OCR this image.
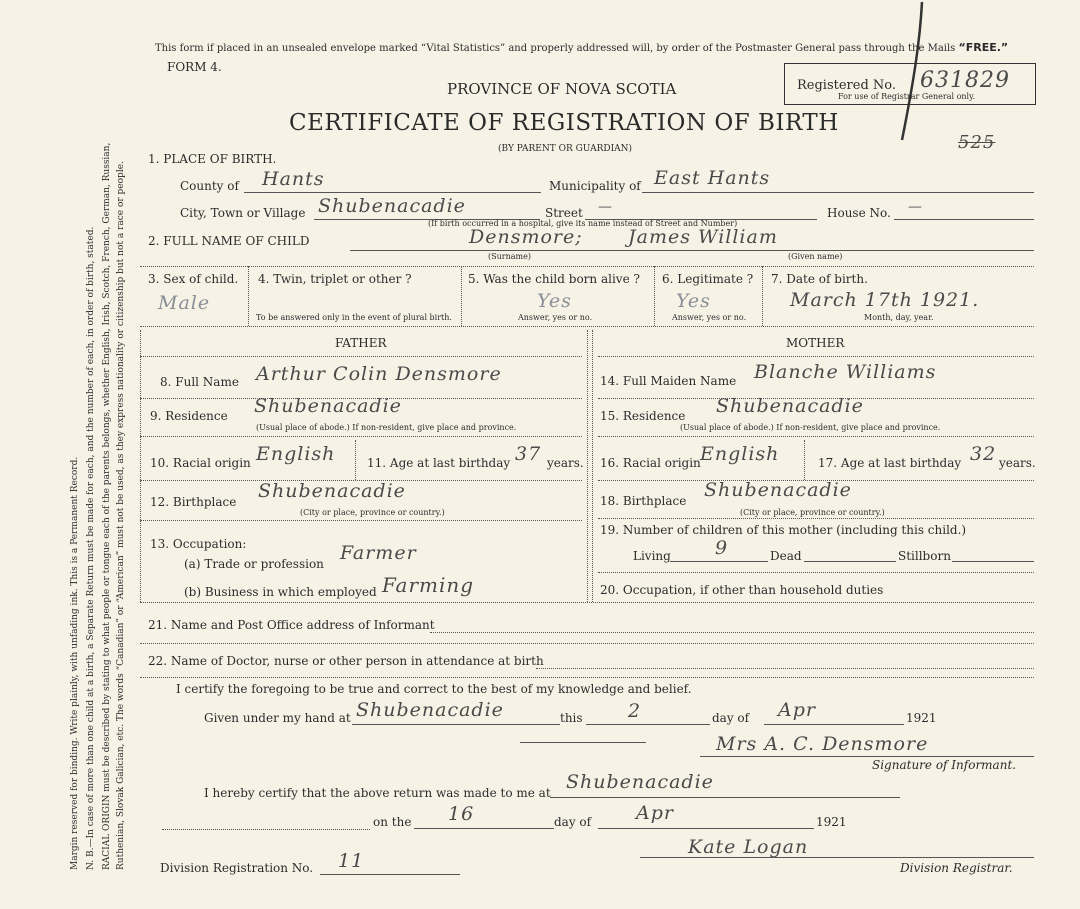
Margin reserved for binding. Write plainly, with unfading ink. This is a Permanent Record. N. B.—In case of more than one child at a birth, a Separate Return must be made for each, and the number of each, in order of birth, stated. RACIAL ORIGIN must be described by stating to what people or tongue each of the parents belongs, whether English, Irish, Scotch, French, German, Russian, Ruthenian, Slovak Galician, etc. The words “Canadian” or “American” must not be used, as they express nationality or citizenship but not a race or people.
This form if placed in an unsealed envelope marked “Vital Statistics” and properly addressed will, by order of the Postmaster General pass through the Mails “FREE.”
FORM 4.
PROVINCE OF NOVA SCOTIA
CERTIFICATE OF REGISTRATION OF BIRTH
(BY PARENT OR GUARDIAN)
Registered No. 631829
For use of Registrar General only.
525
1. PLACE OF BIRTH.
County of Hants	Municipality of East Hants
City, Town or Village Shubenacadie	Street —	House No. —
(If birth occurred in a hospital, give its name instead of Street and Number)
2. FULL NAME OF CHILD	Densmore; James William
(Surname)	(Given name)
3. Sex of child.
Male
4. Twin, triplet or other ?
To be answered only in the event of plural birth.
5. Was the child born alive ?
Yes
Answer, yes or no.
6. Legitimate ?
Yes
Answer, yes or no.
7. Date of birth.
March 17th 1921.
Month, day, year.
FATHER	MOTHER
8. Full Name Arthur Colin Densmore
9. Residence Shubenacadie
(Usual place of abode.) If non-resident, give place and province.
10. Racial origin English	11. Age at last birthday 37 years.
12. Birthplace Shubenacadie
(City or place, province or country.)
13. Occupation:
(a) Trade or profession Farmer
(b) Business in which employed Farming
14. Full Maiden Name Blanche Williams
15. Residence Shubenacadie
(Usual place of abode.) If non-resident, give place and province.
16. Racial origin English	17. Age at last birthday 32 years.
18. Birthplace Shubenacadie
(City or place, province or country.)
19. Number of children of this mother (including this child.)
Living 9	Dead	Stillborn
20. Occupation, if other than household duties
21. Name and Post Office address of Informant
22. Name of Doctor, nurse or other person in attendance at birth
I certify the foregoing to be true and correct to the best of my knowledge and belief.
Given under my hand at Shubenacadie	this 2	day of Apr	1921
Mrs A. C. Densmore
Signature of Informant.
I hereby certify that the above return was made to me at Shubenacadie
on the 16	day of Apr	1921
Kate Logan
Division Registration No. 11	Division Registrar.
